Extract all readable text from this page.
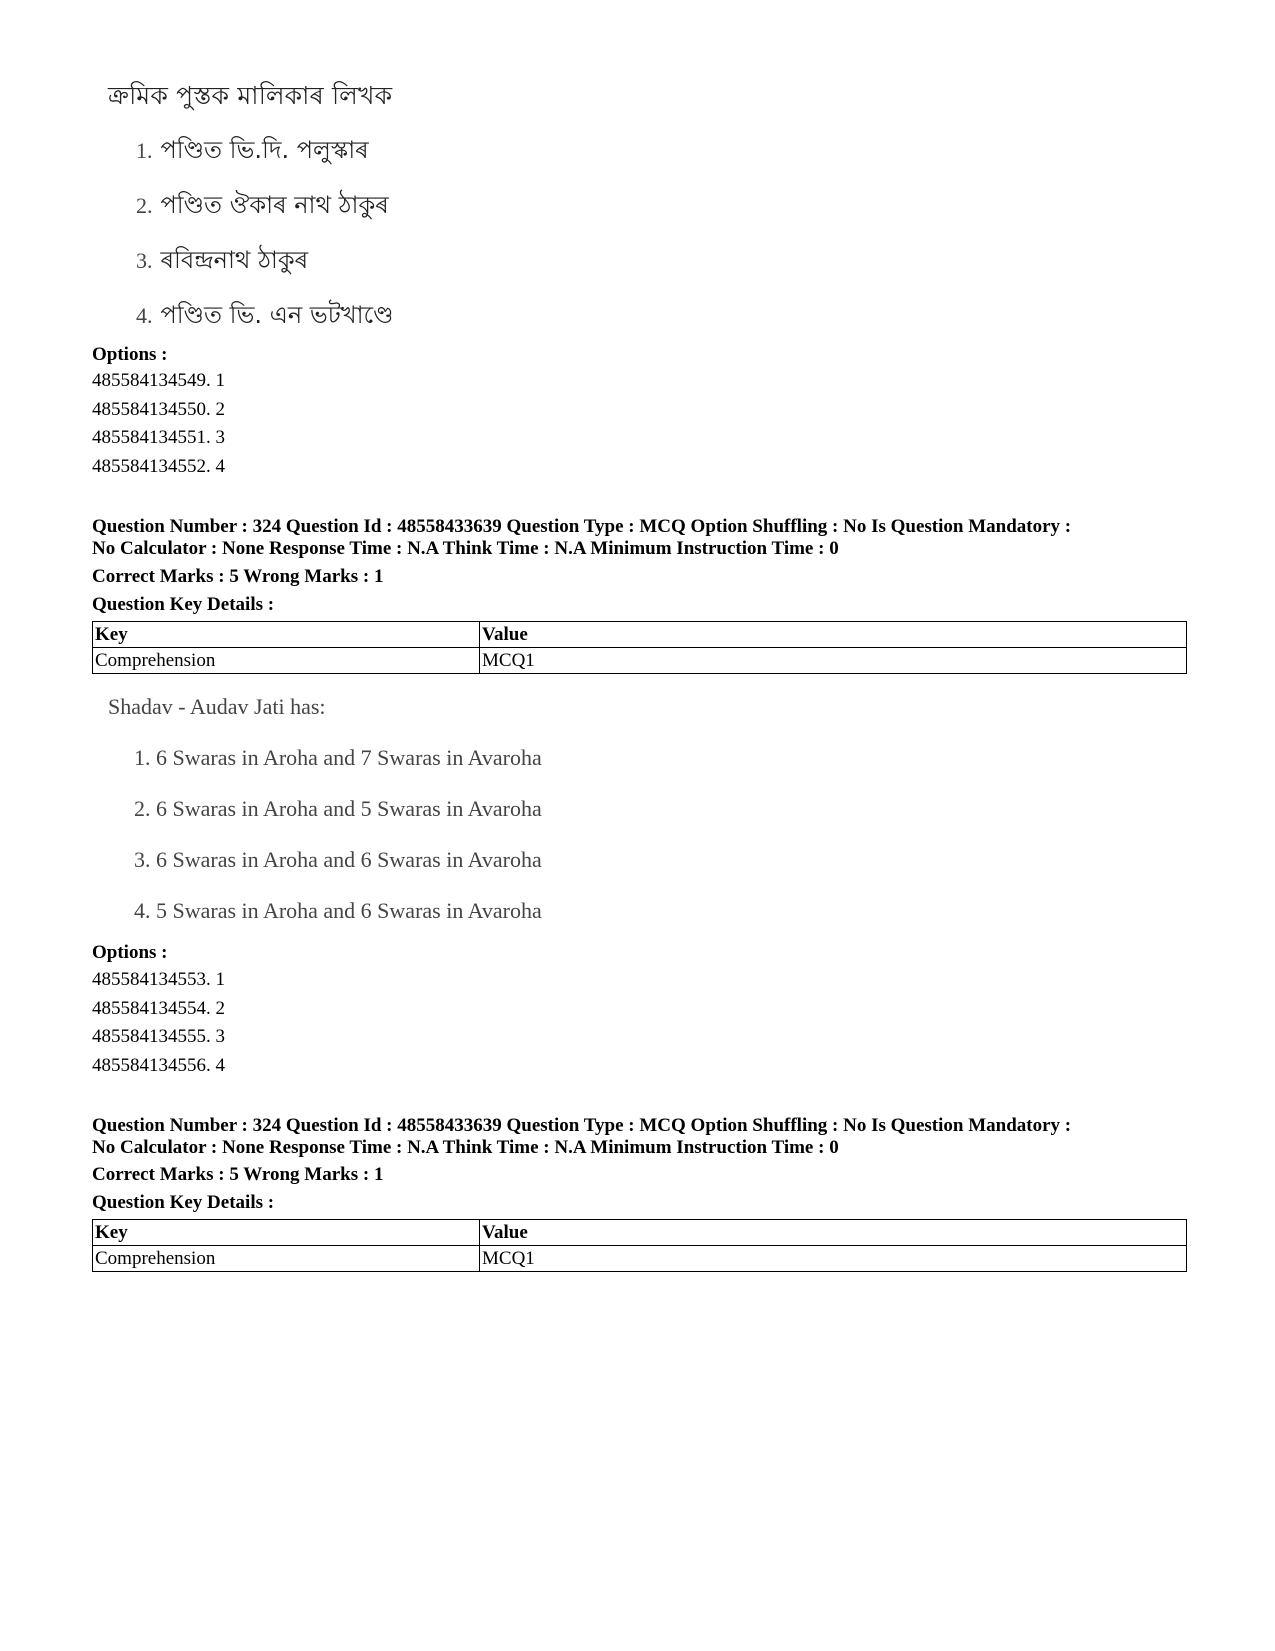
ক্রমিক পুস্তক মালিকাৰ লিখক
1. পণ্ডিত ভি.দি. পলুস্কাৰ
2. পণ্ডিত ঔকাৰ নাথ ঠাকুৰ
3. ৰবিন্দ্রনাথ ঠাকুৰ
4. পণ্ডিত ভি. এন ভটখাণ্ডে
Options :
485584134549. 1
485584134550. 2
485584134551. 3
485584134552. 4
Question Number : 324 Question Id : 48558433639 Question Type : MCQ Option Shuffling : No Is Question Mandatory :
No Calculator : None Response Time : N.A Think Time : N.A Minimum Instruction Time : 0
Correct Marks : 5 Wrong Marks : 1
Question Key Details :
Key	Value
Comprehension	MCQ1
Shadav - Audav Jati has:
1. 6 Swaras in Aroha and 7 Swaras in Avaroha
2. 6 Swaras in Aroha and 5 Swaras in Avaroha
3. 6 Swaras in Aroha and 6 Swaras in Avaroha
4. 5 Swaras in Aroha and 6 Swaras in Avaroha
Options :
485584134553. 1
485584134554. 2
485584134555. 3
485584134556. 4
Question Number : 324 Question Id : 48558433639 Question Type : MCQ Option Shuffling : No Is Question Mandatory :
No Calculator : None Response Time : N.A Think Time : N.A Minimum Instruction Time : 0
Correct Marks : 5 Wrong Marks : 1
Question Key Details :
Key	Value
Comprehension	MCQ1
